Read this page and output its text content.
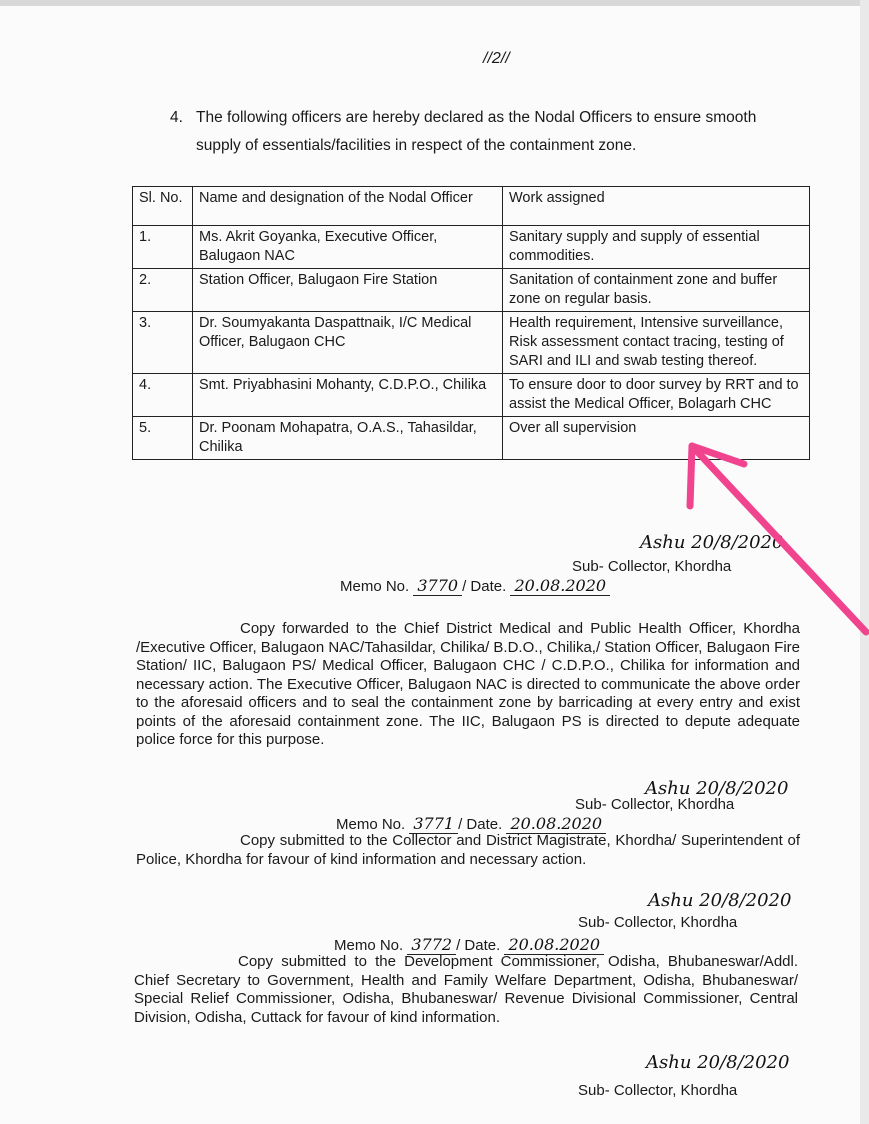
//2//
4. The following officers are hereby declared as the Nodal Officers to ensure smooth
supply of essentials/facilities in respect of the containment zone.
Sl. No.	Name and designation of the Nodal Officer	Work assigned
1.	Ms. Akrit Goyanka, Executive Officer, Balugaon NAC	Sanitary supply and supply of essential commodities.
2.	Station Officer, Balugaon Fire Station	Sanitation of containment zone and buffer zone on regular basis.
3.	Dr. Soumyakanta Daspattnaik, I/C Medical Officer, Balugaon CHC	Health requirement, Intensive surveillance, Risk assessment contact tracing, testing of SARI and ILI and swab testing thereof.
4.	Smt. Priyabhasini Mohanty, C.D.P.O., Chilika	To ensure door to door survey by RRT and to assist the Medical Officer, Bolagarh CHC
5.	Dr. Poonam Mohapatra, O.A.S., Tahasildar, Chilika	Over all supervision
Ashu 20/8/2020
Sub- Collector, Khordha
Memo No. 3770 / Date. 20.08.2020
Copy forwarded to the Chief District Medical and Public Health Officer, Khordha /Executive Officer, Balugaon NAC/Tahasildar, Chilika/ B.D.O., Chilika,/ Station Officer, Balugaon Fire Station/ IIC, Balugaon PS/ Medical Officer, Balugaon CHC / C.D.P.O., Chilika for information and necessary action. The Executive Officer, Balugaon NAC is directed to communicate the above order to the aforesaid officers and to seal the containment zone by barricading at every entry and exist points of the aforesaid containment zone. The IIC, Balugaon PS is directed to depute adequate police force for this purpose.
Ashu 20/8/2020
Sub- Collector, Khordha
Memo No. 3771 / Date. 20.08.2020
Copy submitted to the Collector and District Magistrate, Khordha/ Superintendent of Police, Khordha for favour of kind information and necessary action.
Ashu 20/8/2020
Sub- Collector, Khordha
Memo No. 3772 / Date. 20.08.2020
Copy submitted to the Development Commissioner, Odisha, Bhubaneswar/Addl. Chief Secretary to Government, Health and Family Welfare Department, Odisha, Bhubaneswar/ Special Relief Commissioner, Odisha, Bhubaneswar/ Revenue Divisional Commissioner, Central Division, Odisha, Cuttack for favour of kind information.
Ashu 20/8/2020
Sub- Collector, Khordha
